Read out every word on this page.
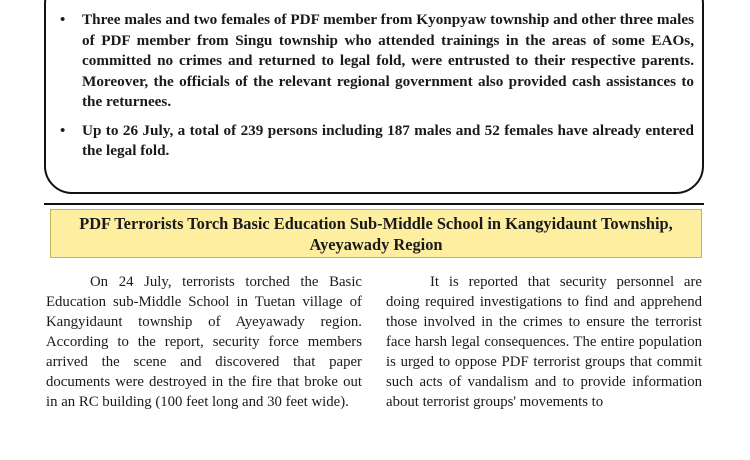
• Three males and two females of PDF member from Kyonpyaw township and other three males of PDF member from Singu township who attended trainings in the areas of some EAOs, committed no crimes and returned to legal fold, were entrusted to their respective parents. Moreover, the officials of the relevant regional government also provided cash assistances to the returnees.
• Up to 26 July, a total of 239 persons including 187 males and 52 females have already entered the legal fold.
PDF Terrorists Torch Basic Education Sub-Middle School in Kangyidaunt Township, Ayeyawady Region

On 24 July, terrorists torched the Basic Education sub-Middle School in Tuetan village of Kangyidaunt township of Ayeyawady region. According to the report, security force members arrived the scene and discovered that paper documents were destroyed in the fire that broke out in an RC building (100 feet long and 30 feet wide).

It is reported that security personnel are doing required investigations to find and apprehend those involved in the crimes to ensure the terrorist face harsh legal consequences. The entire population is urged to oppose PDF terrorist groups that commit such acts of vandalism and to provide information about terrorist groups' movements to
